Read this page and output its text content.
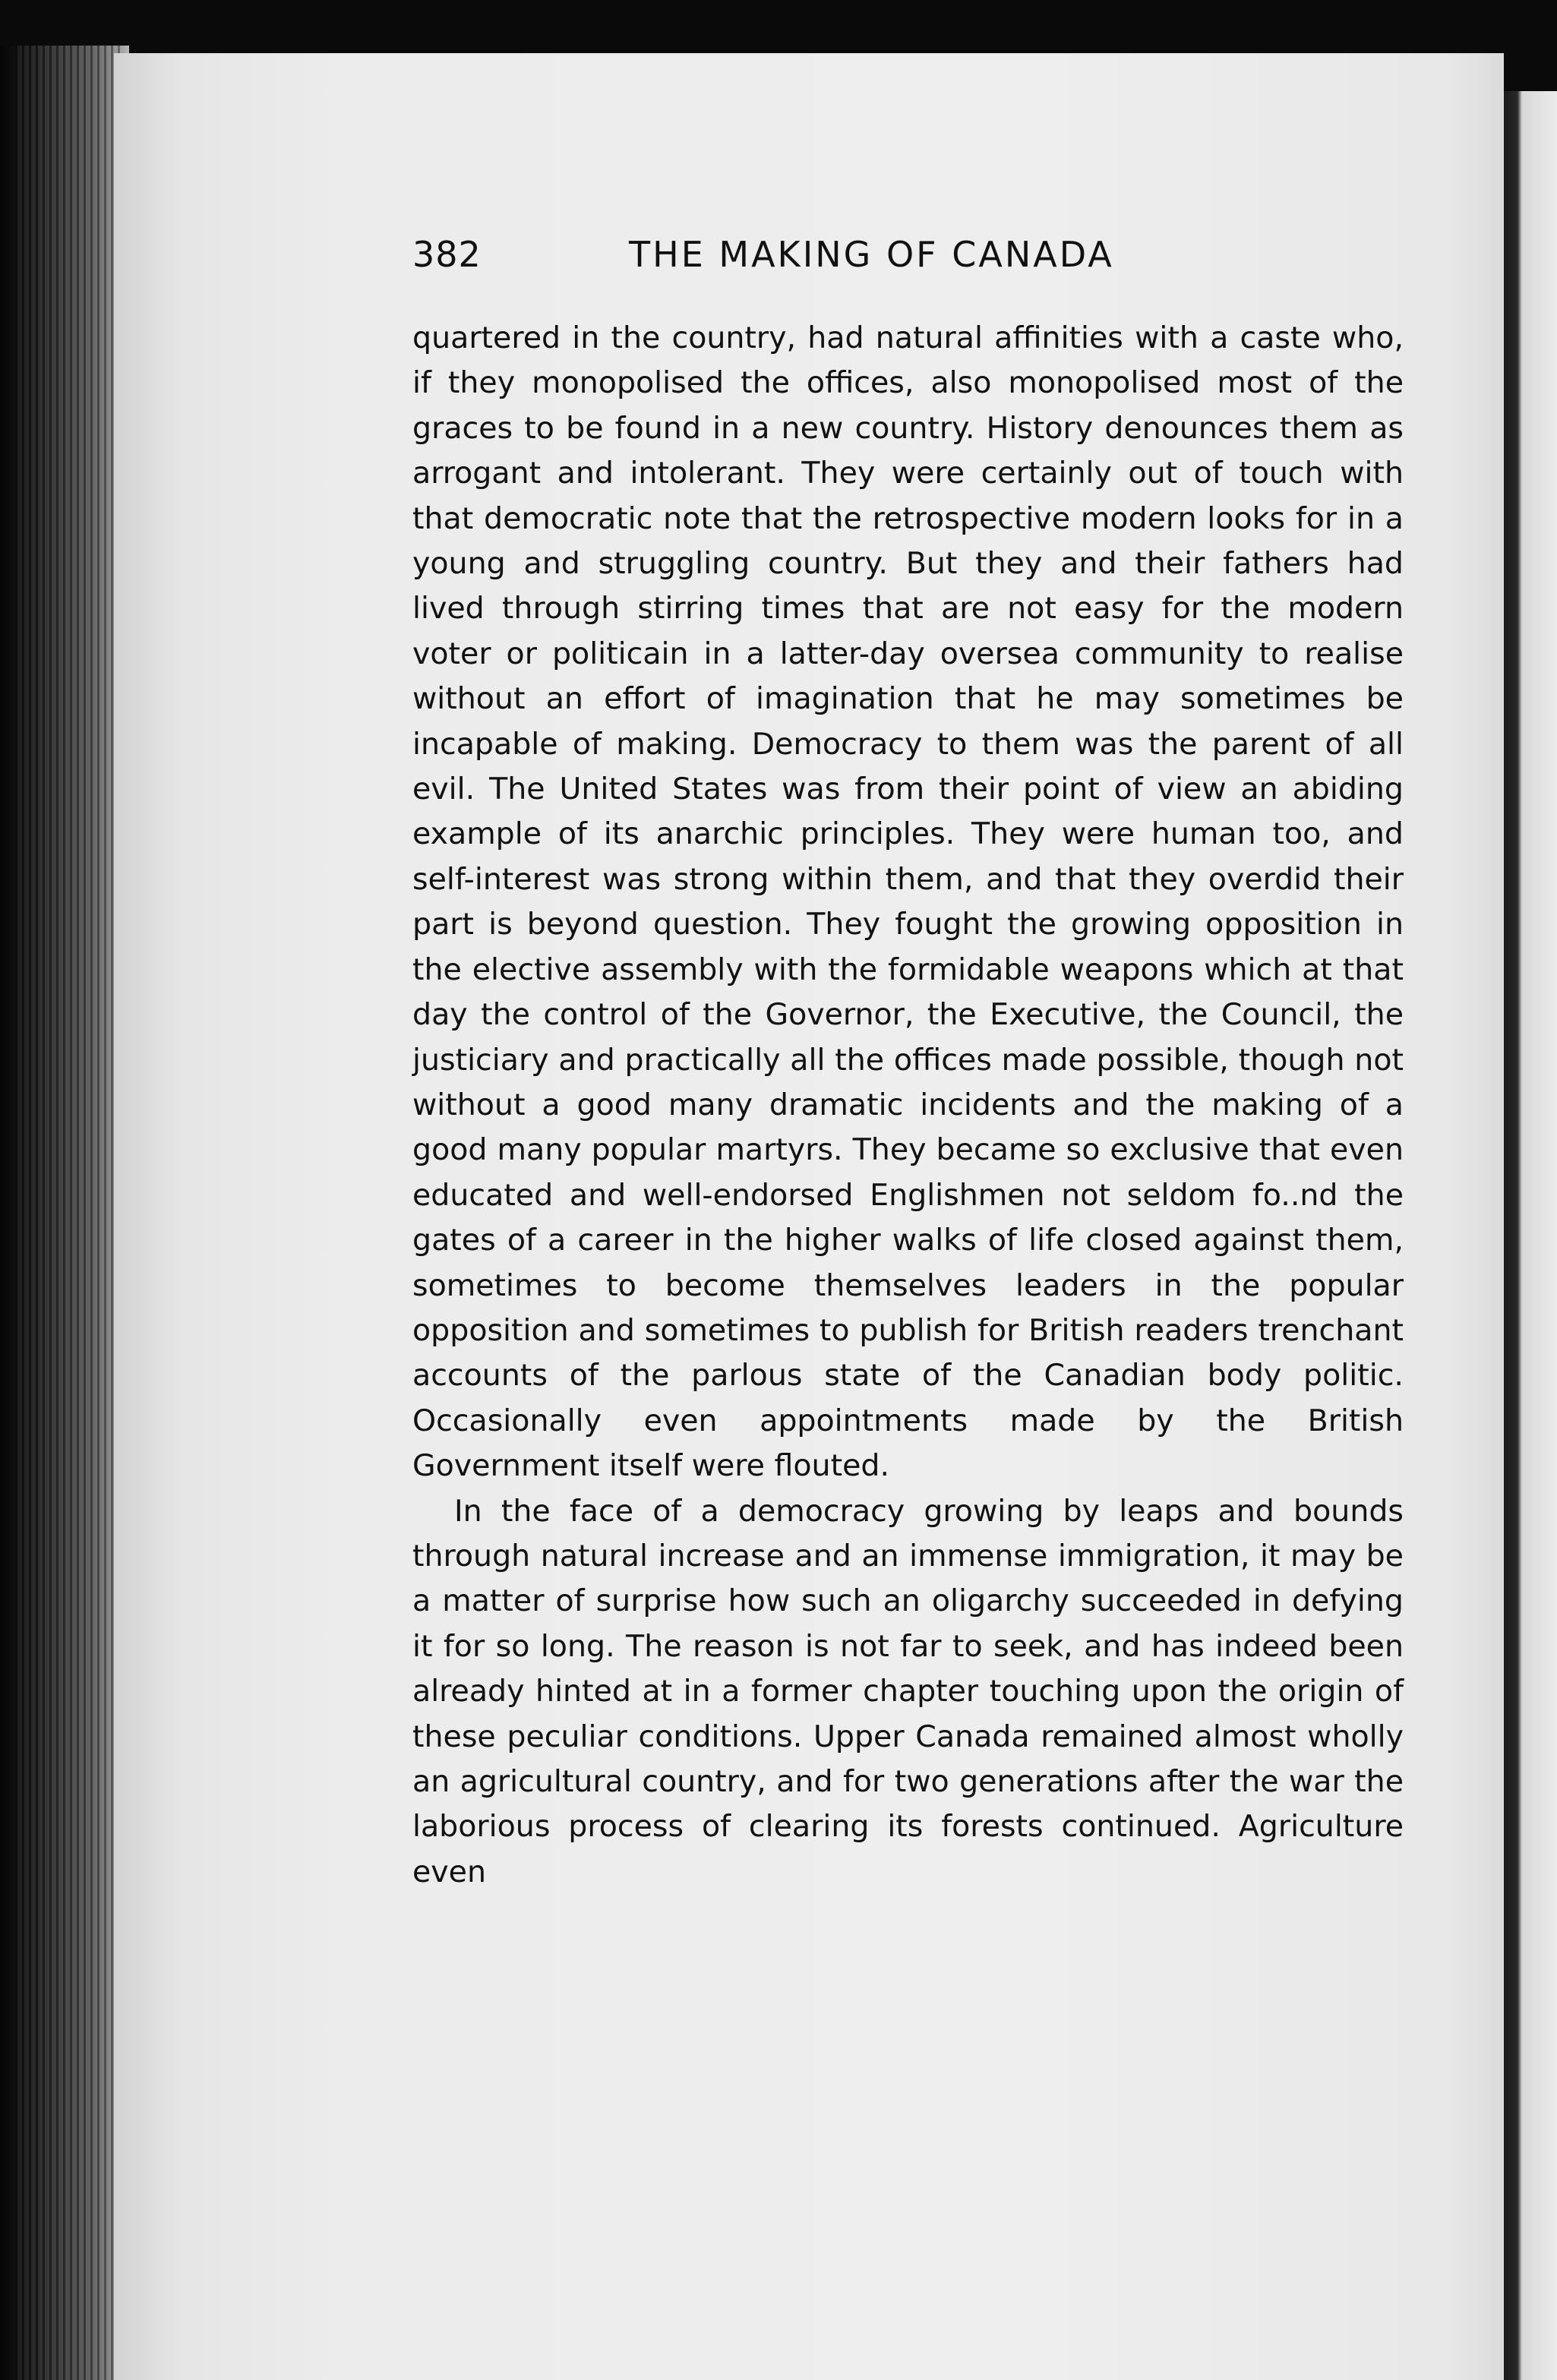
382	THE MAKING OF CANADA

quartered in the country, had natural affinities with a caste who, if they monopolised the offices, also monopolised most of the graces to be found in a new country. History denounces them as arrogant and intolerant. They were certainly out of touch with that democratic note that the retrospective modern looks for in a young and struggling country. But they and their fathers had lived through stirring times that are not easy for the modern voter or politicain in a latter-day oversea community to realise without an effort of imagination that he may sometimes be incapable of making. Democracy to them was the parent of all evil. The United States was from their point of view an abiding example of its anarchic principles. They were human too, and self-interest was strong within them, and that they overdid their part is beyond question. They fought the growing opposition in the elective assembly with the formidable weapons which at that day the control of the Governor, the Executive, the Council, the justiciary and practically all the offices made possible, though not without a good many dramatic incidents and the making of a good many popular martyrs. They became so exclusive that even educated and well-endorsed Englishmen not seldom fo..nd the gates of a career in the higher walks of life closed against them, sometimes to become themselves leaders in the popular opposition and sometimes to publish for British readers trenchant accounts of the parlous state of the Canadian body politic. Occasionally even appointments made by the British Government itself were flouted.

In the face of a democracy growing by leaps and bounds through natural increase and an immense immigration, it may be a matter of surprise how such an oligarchy succeeded in defying it for so long. The reason is not far to seek, and has indeed been already hinted at in a former chapter touching upon the origin of these peculiar conditions. Upper Canada remained almost wholly an agricultural country, and for two generations after the war the laborious process of clearing its forests continued. Agriculture even
